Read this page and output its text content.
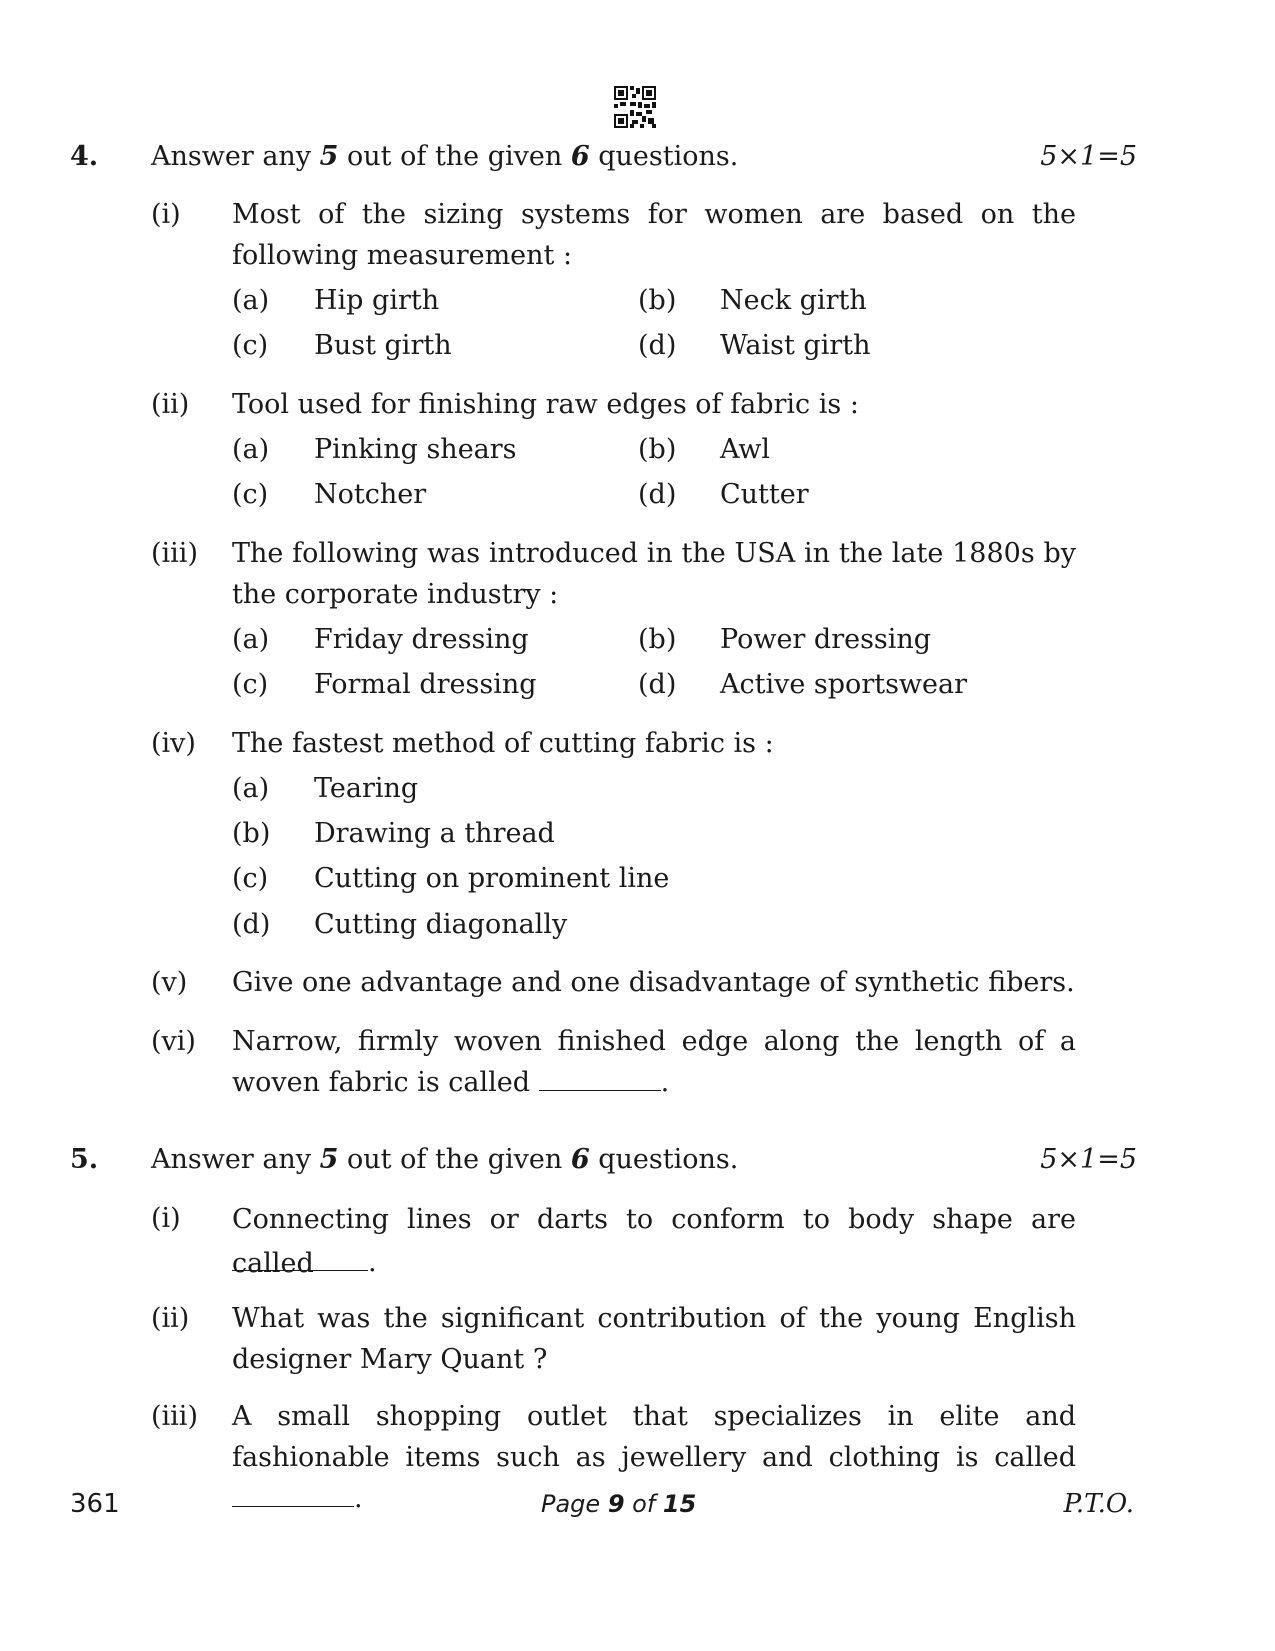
4. Answer any 5 out of the given 6 questions.	5×1=5
(i) Most of the sizing systems for women are based on the following measurement :
(a) Hip girth	(b) Neck girth
(c) Bust girth	(d) Waist girth
(ii) Tool used for finishing raw edges of fabric is :
(a) Pinking shears	(b) Awl
(c) Notcher	(d) Cutter
(iii) The following was introduced in the USA in the late 1880s by the corporate industry :
(a) Friday dressing	(b) Power dressing
(c) Formal dressing	(d) Active sportswear
(iv) The fastest method of cutting fabric is :
(a) Tearing
(b) Drawing a thread
(c) Cutting on prominent line
(d) Cutting diagonally
(v) Give one advantage and one disadvantage of synthetic fibers.
(vi) Narrow, firmly woven finished edge along the length of a woven fabric is called	.
5. Answer any 5 out of the given 6 questions.	5×1=5
(i) Connecting lines or darts to conform to body shape are called	.
(ii) What was the significant contribution of the young English designer Mary Quant ?
(iii) A small shopping outlet that specializes in elite and fashionable items such as jewellery and clothing is called .
361	Page 9 of 15	P.T.O.
